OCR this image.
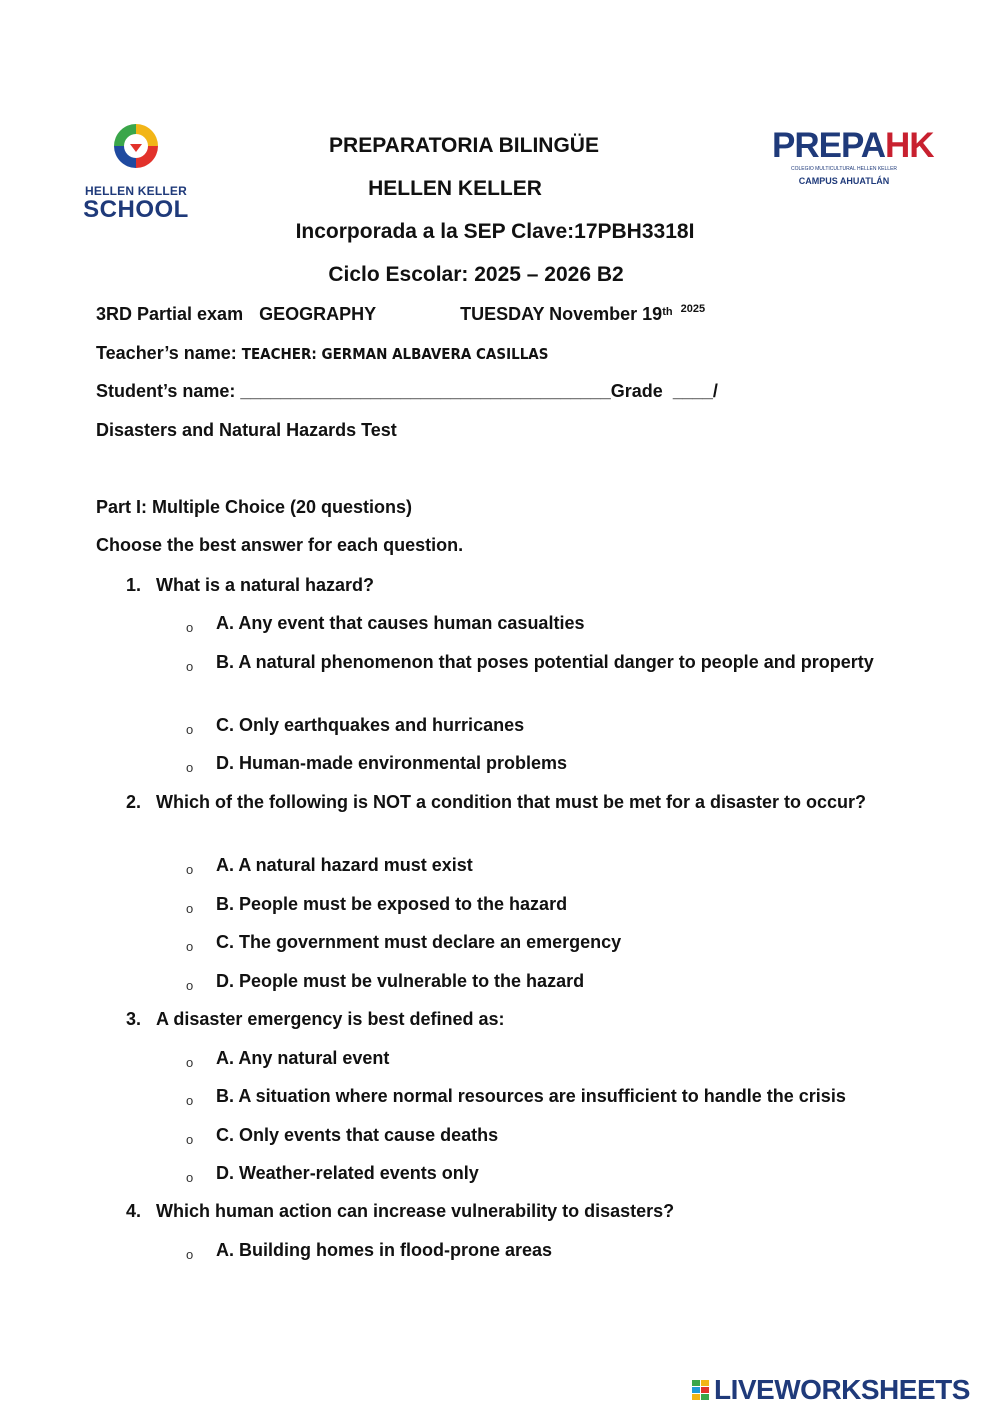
HELLEN KELLER
SCHOOL
PREPAHK
COLEGIO MULTICULTURAL HELLEN KELLER
CAMPUS AHUATLÁN
PREPARATORIA BILINGÜE
HELLEN KELLER
Incorporada a la SEP Clave:17PBH3318I
Ciclo Escolar: 2025 – 2026 B2
3RD Partial exam GEOGRAPHY	TUESDAY November 19th $^{2025}$
Teacher’s name: TEACHER: GERMAN ALBAVERA CASILLAS
Student’s name: _____________________________________Grade ____/
Disasters and Natural Hazards Test
Part I: Multiple Choice (20 questions)
Choose the best answer for each question.
1. What is a natural hazard?
o A. Any event that causes human casualties
o B. A natural phenomenon that poses potential danger to people and property
o C. Only earthquakes and hurricanes
o D. Human-made environmental problems
2. Which of the following is NOT a condition that must be met for a disaster to occur?
o A. A natural hazard must exist
o B. People must be exposed to the hazard
o C. The government must declare an emergency
o D. People must be vulnerable to the hazard
3. A disaster emergency is best defined as:
o A. Any natural event
o B. A situation where normal resources are insufficient to handle the crisis
o C. Only events that cause deaths
o D. Weather-related events only
4. Which human action can increase vulnerability to disasters?
o A. Building homes in flood-prone areas
LIVEWORKSHEETS
